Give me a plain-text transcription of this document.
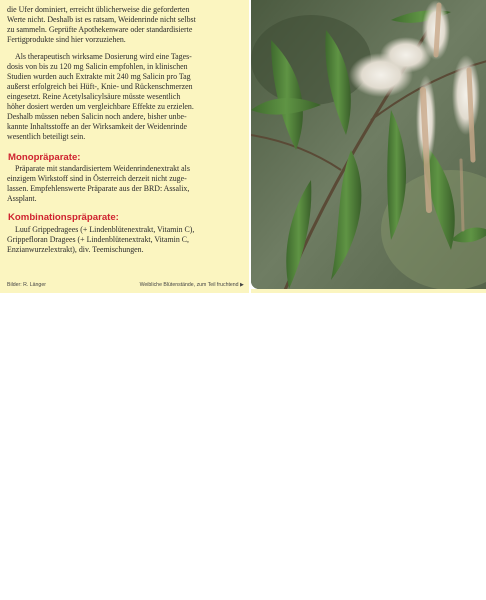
die Ufer dominiert, erreicht üblicherweise die geforderten

Werte nicht. Deshalb ist es ratsam, Weidenrinde nicht selbst

zu sammeln. Geprüfte Apothekenware oder standardisierte

Fertigprodukte sind hier vorzuziehen.

Als therapeutisch wirksame Dosierung wird eine Tages-

dosis von bis zu 120 mg Salicin empfohlen, in klinischen

Studien wurden auch Extrakte mit 240 mg Salicin pro Tag

außerst erfolgreich bei Hüft-, Knie- und Rückenschmerzen

eingesetzt. Reine Acetylsalicylsäure müsste wesentlich

höher dosiert werden um vergleichbare Effekte zu erzielen.

Deshalb müssen neben Salicin noch andere, bisher unbe-

kannte Inhaltsstoffe an der Wirksamkeit der Weidenrinde

wesentlich beteiligt sein.

Monopräparate:

Präparate mit standardisiertem Weidenrindenextrakt als

einzigem Wirkstoff sind in Österreich derzeit nicht zuge-

lassen. Empfehlenswerte Präparate aus der BRD: Assalix,

Assplant.

Kombinationspräparate:

Luuf Grippedragees (+ Lindenblütenextrakt, Vitamin C),

Grippefloran Dragees (+ Lindenblütenextrakt, Vitamin C,

Enzianwurzelextrakt), div. Teemischungen.

Bilder: R. Länger	Weibliche Blütenstände, zum Teil fruchtend ▶
